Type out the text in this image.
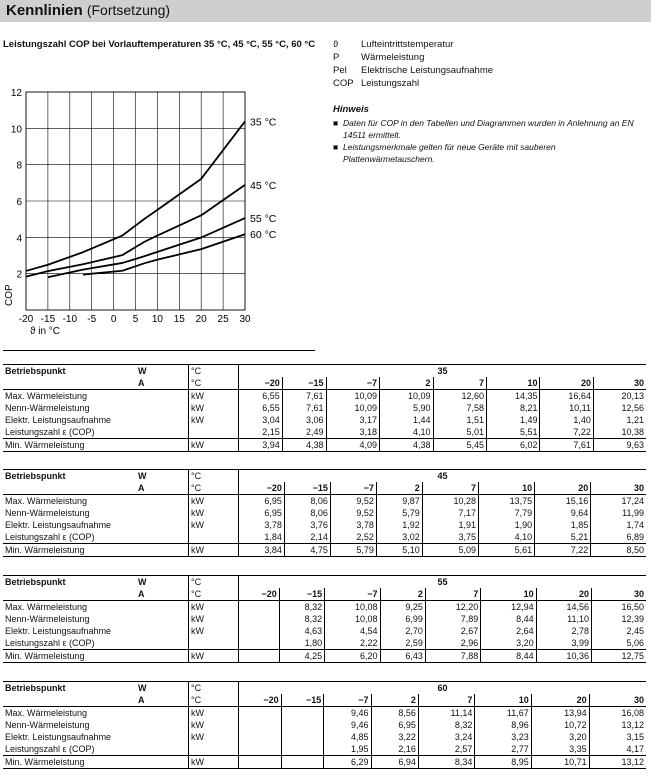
Kennlinien (Fortsetzung)
Leistungszahl COP bei Vorlauftemperaturen 35 °C, 45 °C, 55 °C, 60 °C	ϑ	Lufteintrittstemperatur
P	Wärmeleistung
Pel	Elektrische Leistungsaufnahme
COP Leistungszahl
Hinweis
■ Daten für COP in den Tabellen und Diagrammen wurden in Anlehnung an EN 14511 ermittelt.
■ Leistungsmerkmale gelten für neue Geräte mit sauberen Plattenwärmetauschern.
-20 -15 -10 -5 0 5 10 15 20 25 30
2
4
6
8
10
12
COP
ϑ in °C
35 °C
45 °C
55 °C
60 °C
Betriebspunkt	W	°C	35							
	A	°C	−20	−15	−7	2	7	10	20	30
Max. Wärmeleistung		kW	6,55	7,61	10,09	10,09	12,60	14,35	16,64	20,13
Nenn-Wärmeleistung		kW	6,55	7,61	10,09	5,90	7,58	8,21	10,11	12,56
Elektr. Leistungsaufnahme		kW	3,04	3,06	3,17	1,44	1,51	1,49	1,40	1,21
Leistungszahl ε (COP)			2,15	2,49	3,18	4,10	5,01	5,51	7,22	10,38
Min. Wärmeleistung		kW	3,94	4,38	4,09	4,38	5,45	6,02	7,61	9,63
Betriebspunkt	W	°C	45							
	A	°C	−20	−15	−7	2	7	10	20	30
Max. Wärmeleistung		kW	6,95	8,06	9,52	9,87	10,28	13,75	15,16	17,24
Nenn-Wärmeleistung		kW	6,95	8,06	9,52	5,79	7,17	7,79	9,64	11,99
Elektr. Leistungsaufnahme		kW	3,78	3,76	3,78	1,92	1,91	1,90	1,85	1,74
Leistungszahl ε (COP)			1,84	2,14	2,52	3,02	3,75	4,10	5,21	6,89
Min. Wärmeleistung		kW	3,84	4,75	5,79	5,10	5,09	5,61	7,22	8,50
Betriebspunkt	W	°C	55							
	A	°C	−20	−15	−7	2	7	10	20	30
Max. Wärmeleistung		kW		8,32	10,08	9,25	12,20	12,94	14,56	16,50
Nenn-Wärmeleistung		kW		8,32	10,08	6,99	7,89	8,44	11,10	12,39
Elektr. Leistungsaufnahme		kW		4,63	4,54	2,70	2,67	2,64	2,78	2,45
Leistungszahl ε (COP)				1,80	2,22	2,59	2,96	3,20	3,99	5,06
Min. Wärmeleistung		kW		4,25	6,20	6,43	7,88	8,44	10,36	12,75
Betriebspunkt	W	°C	60							
	A	°C	−20	−15	−7	2	7	10	20	30
Max. Wärmeleistung		kW			9,46	8,56	11,14	11,67	13,94	16,08
Nenn-Wärmeleistung		kW			9,46	6,95	8,32	8,96	10,72	13,12
Elektr. Leistungsaufnahme		kW			4,85	3,22	3,24	3,23	3,20	3,15
Leistungszahl ε (COP)					1,95	2,16	2,57	2,77	3,35	4,17
Min. Wärmeleistung		kW			6,29	6,94	8,34	8,95	10,71	13,12
